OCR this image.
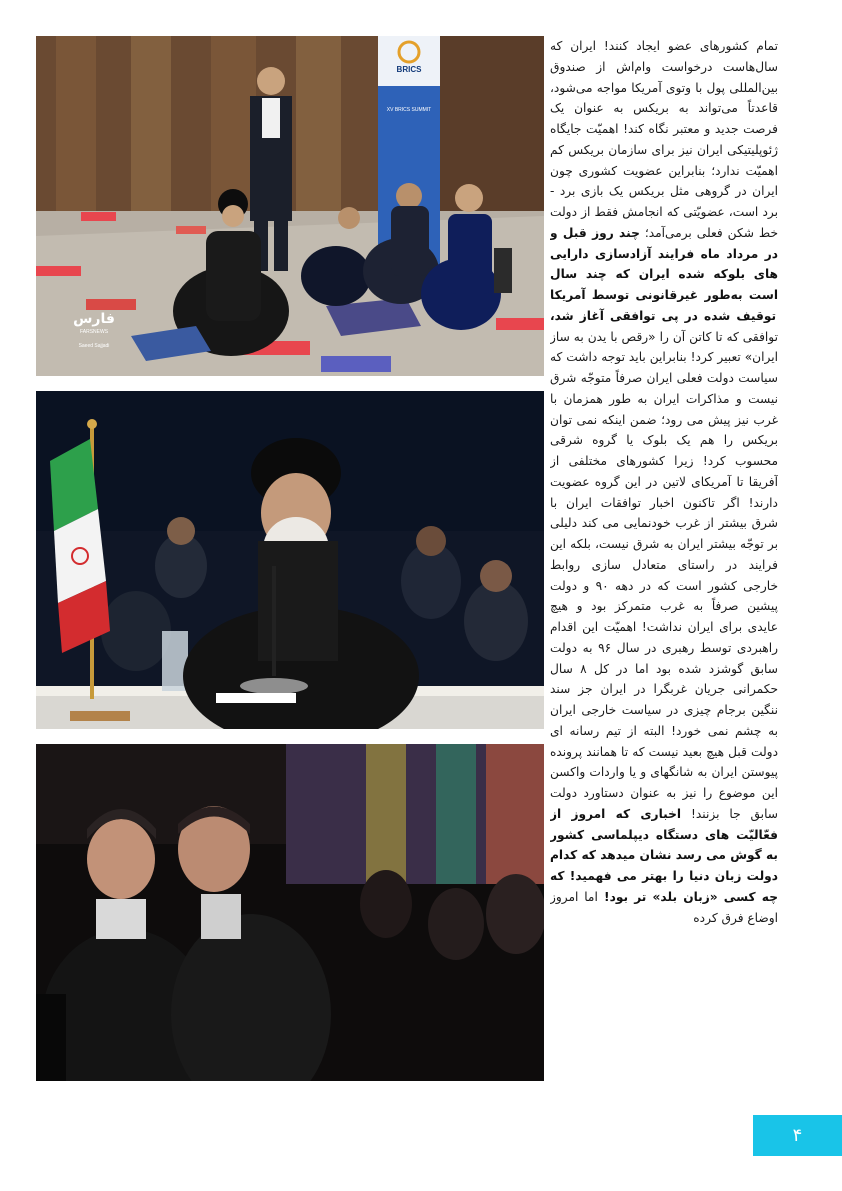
BRICS
XV BRICS SUMMIT
فارس
FARSNEWS
Saeed Sajjadi
تمام کشورهای عضو ایجاد کنند! ایران که سال‌هاست درخواست وام‌اش از صندوق بین‌المللی پول با وتوی آمریکا مواجه می‌شود، قاعدتاً می‌تواند به بریکس به عنوان یک فرصت جدید و معتبر نگاه کند! اهمیّت جایگاه ژئوپلیتیکی ایران نیز برای سازمان بریکس کم اهمیّت ندارد؛ بنابراین عضویت کشوری چون ایران در گروهی مثل بریکس یک بازی برد - برد است، عضویّتی که انجامش فقط از دولت خط شکن فعلی برمی‌آمد؛ چند روز قبل و در مرداد ماه فرایند آزادسازی دارایی های بلوکه شده ایران که چند سال است به‌طور غیرقانونی توسط آمریکا توقیف شده در پی توافقی آغاز شد، توافقی که تا کاتن آن را «رقص با یدن به ساز ایران» تعبیر کرد! بنابراین باید توجه داشت که سیاست دولت فعلی ایران صرفاً متوجّه شرق نیست و مذاکرات ایران به طور همزمان با غرب نیز پیش می رود؛ ضمن اینکه نمی توان بریکس را هم یک بلوک یا گروه شرقی محسوب کرد! زیرا کشورهای مختلفی از آفریقا تا آمریکای لاتین در این گروه عضویت دارند! اگر تاکنون اخبار توافقات ایران با شرق بیشتر از غرب خودنمایی می کند دلیلی بر توجّه بیشتر ایران به شرق نیست، بلکه این فرایند در راستای متعادل سازی روابط خارجی کشور است که در دهه ۹۰ و دولت پیشین صرفاً به غرب متمرکز بود و هیچ عایدی برای ایران نداشت! اهمیّت این اقدام راهبردی توسط رهبری در سال ۹۶ به دولت سابق گوشزد شده بود اما در کل ۸ سال حکمرانی جریان غربگرا در ایران جز سند ننگین برجام چیزی در سیاست خارجی ایران به چشم نمی خورد! البته از تیم رسانه ای دولت قبل هیچ بعید نیست که تا همانند پرونده پیوستن ایران به شانگهای و یا واردات واکسن این موضوع را نیز به عنوان دستاورد دولت سابق جا بزنند! اخباری که امروز از فعّالیّت های دستگاه دیپلماسی کشور به گوش می رسد نشان میدهد که کدام دولت زبان دنیا را بهتر می فهمید! که چه کسی «زبان بلد» تر بود! اما امروز اوضاع فرق کرده
۴
